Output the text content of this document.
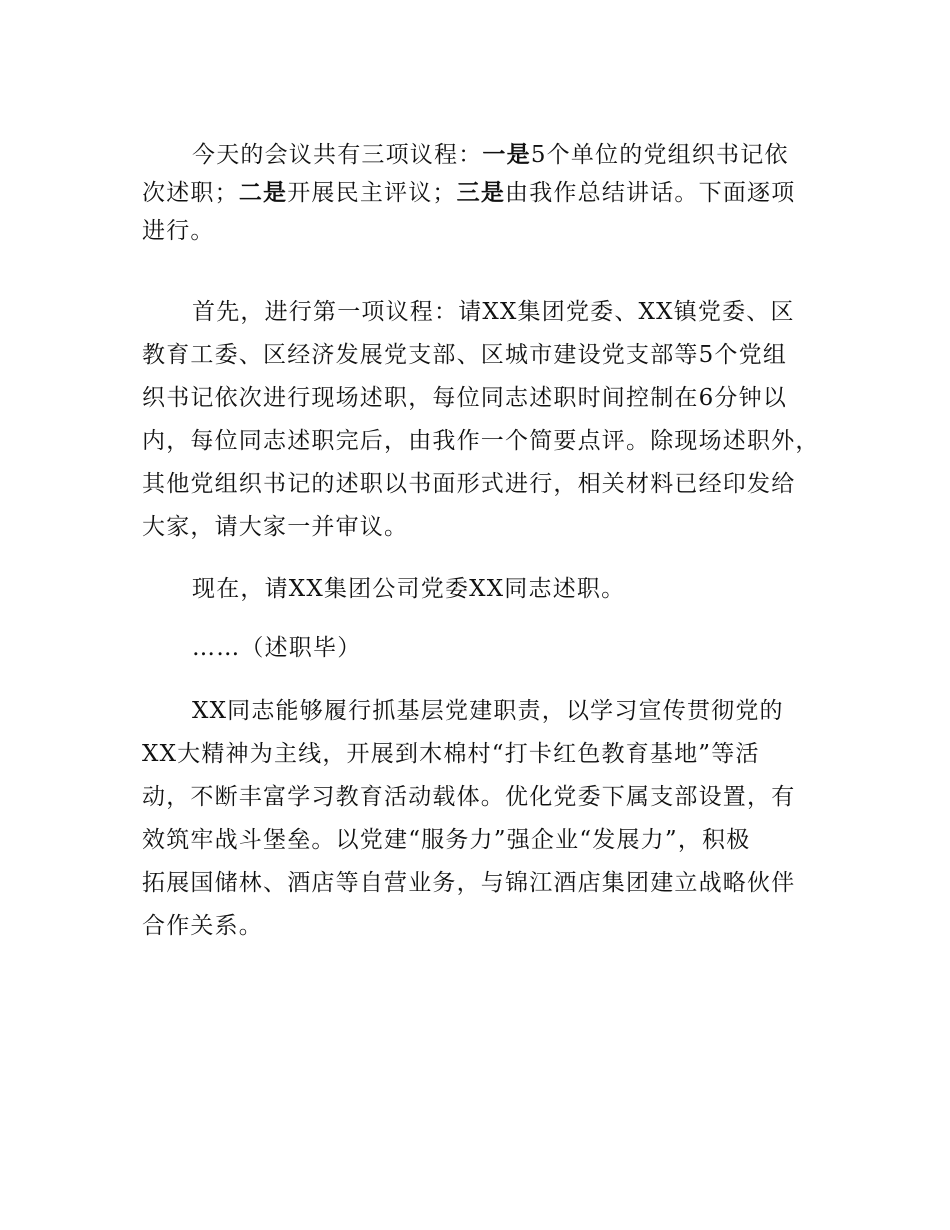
今天的会议共有三项议程：一是5个单位的党组织书记依
次述职；二是开展民主评议；三是由我作总结讲话。下面逐项
进行。
首先，进行第一项议程：请XX集团党委、XX镇党委、区
教育工委、区经济发展党支部、区城市建设党支部等5个党组
织书记依次进行现场述职，每位同志述职时间控制在6分钟以
内，每位同志述职完后，由我作一个简要点评。除现场述职外，
其他党组织书记的述职以书面形式进行，相关材料已经印发给
大家，请大家一并审议。
现在，请XX集团公司党委XX同志述职。
……（述职毕）
XX同志能够履行抓基层党建职责，以学习宣传贯彻党的
XX大精神为主线，开展到木棉村“打卡红色教育基地”等活
动，不断丰富学习教育活动载体。优化党委下属支部设置，有
效筑牢战斗堡垒。以党建“服务力”强企业“发展力”，积极
拓展国储林、酒店等自营业务，与锦江酒店集团建立战略伙伴
合作关系。
